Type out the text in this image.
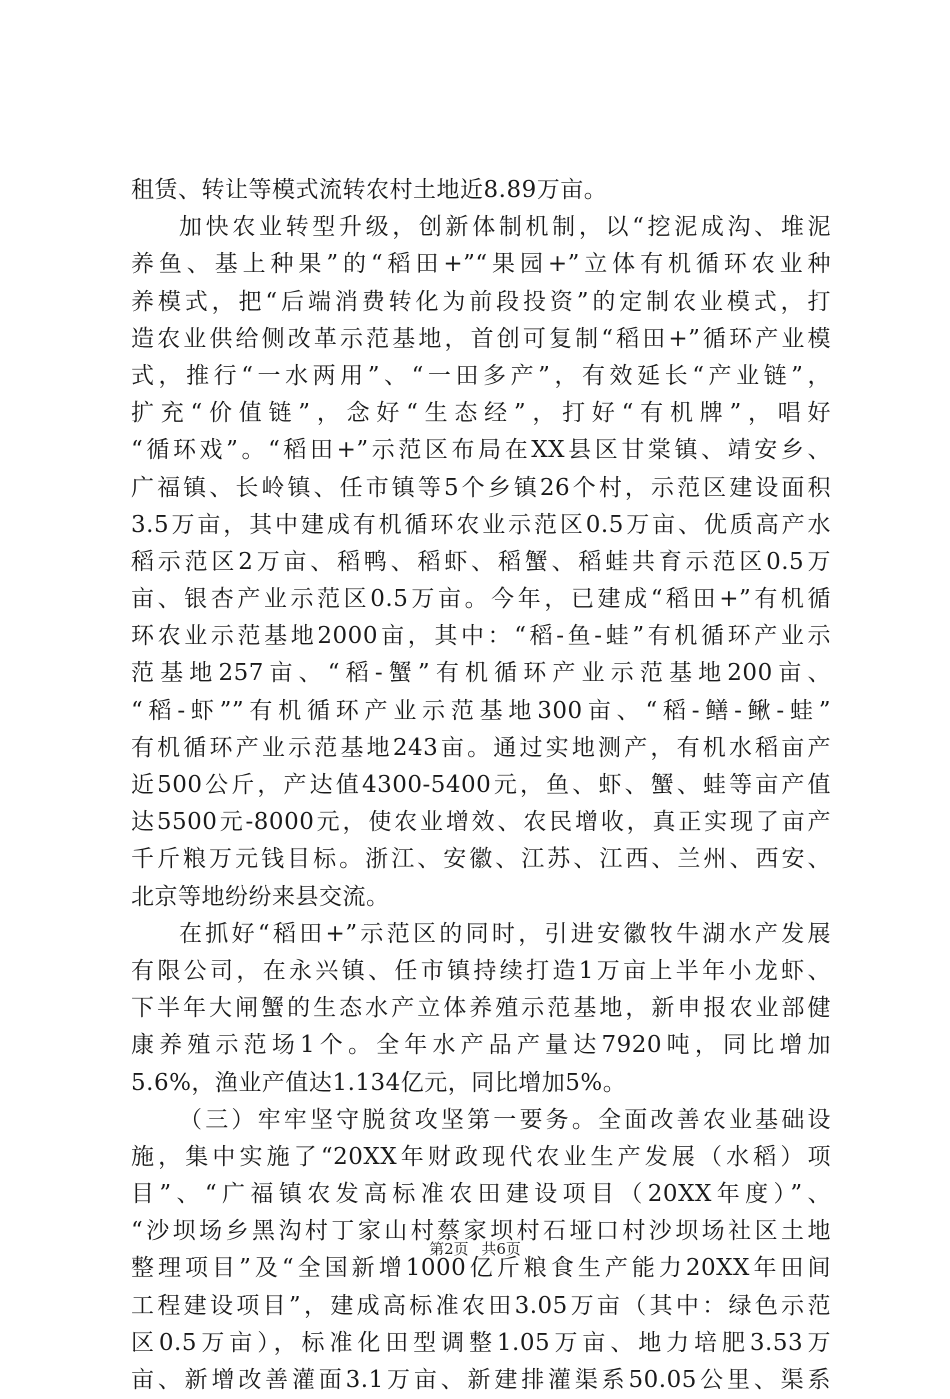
租赁、转让等模式流转农村土地近8.89万亩。
加快农业转型升级，创新体制机制，以“挖泥成沟、堆泥
养鱼、基上种果”的“稻田+”“果园+”立体有机循环农业种
养模式，把“后端消费转化为前段投资”的定制农业模式，打
造农业供给侧改革示范基地，首创可复制“稻田+”循环产业模
式，推行“一水两用”、“一田多产”，有效延长“产业链”，
扩充“价值链”，念好“生态经”，打好“有机牌”，唱好
“循环戏”。“稻田+”示范区布局在XX县区甘棠镇、靖安乡、
广福镇、长岭镇、任市镇等5个乡镇26个村，示范区建设面积
3.5万亩，其中建成有机循环农业示范区0.5万亩、优质高产水
稻示范区2万亩、稻鸭、稻虾、稻蟹、稻蛙共育示范区0.5万
亩、银杏产业示范区0.5万亩。今年，已建成“稻田+”有机循
环农业示范基地2000亩，其中：“稻-鱼-蛙”有机循环产业示
范基地257亩、“稻-蟹”有机循环产业示范基地200亩、
“稻-虾””有机循环产业示范基地300亩、“稻-鳝-鳅-蛙”
有机循环产业示范基地243亩。通过实地测产，有机水稻亩产
近500公斤，产达值4300-5400元，鱼、虾、蟹、蛙等亩产值
达5500元-8000元，使农业增效、农民增收，真正实现了亩产
千斤粮万元钱目标。浙江、安徽、江苏、江西、兰州、西安、
北京等地纷纷来县交流。
在抓好“稻田+”示范区的同时，引进安徽牧牛湖水产发展
有限公司，在永兴镇、任市镇持续打造1万亩上半年小龙虾、
下半年大闸蟹的生态水产立体养殖示范基地，新申报农业部健
康养殖示范场1个。全年水产品产量达7920吨，同比增加
5.6%，渔业产值达1.134亿元，同比增加5%。
（三）牢牢坚守脱贫攻坚第一要务。全面改善农业基础设
施，集中实施了“20XX年财政现代农业生产发展（水稻）项
目”、“广福镇农发高标准农田建设项目（20XX年度）”、
“沙坝场乡黑沟村丁家山村蔡家坝村石垭口村沙坝场社区土地
整理项目”及“全国新增1000亿斤粮食生产能力20XX年田间
工程建设项目”，建成高标准农田3.05万亩（其中：绿色示范
区0.5万亩），标准化田型调整1.05万亩、地力培肥3.53万
亩、新增改善灌面3.1万亩、新建排灌渠系50.05公里、渠系
第2页 共6页
